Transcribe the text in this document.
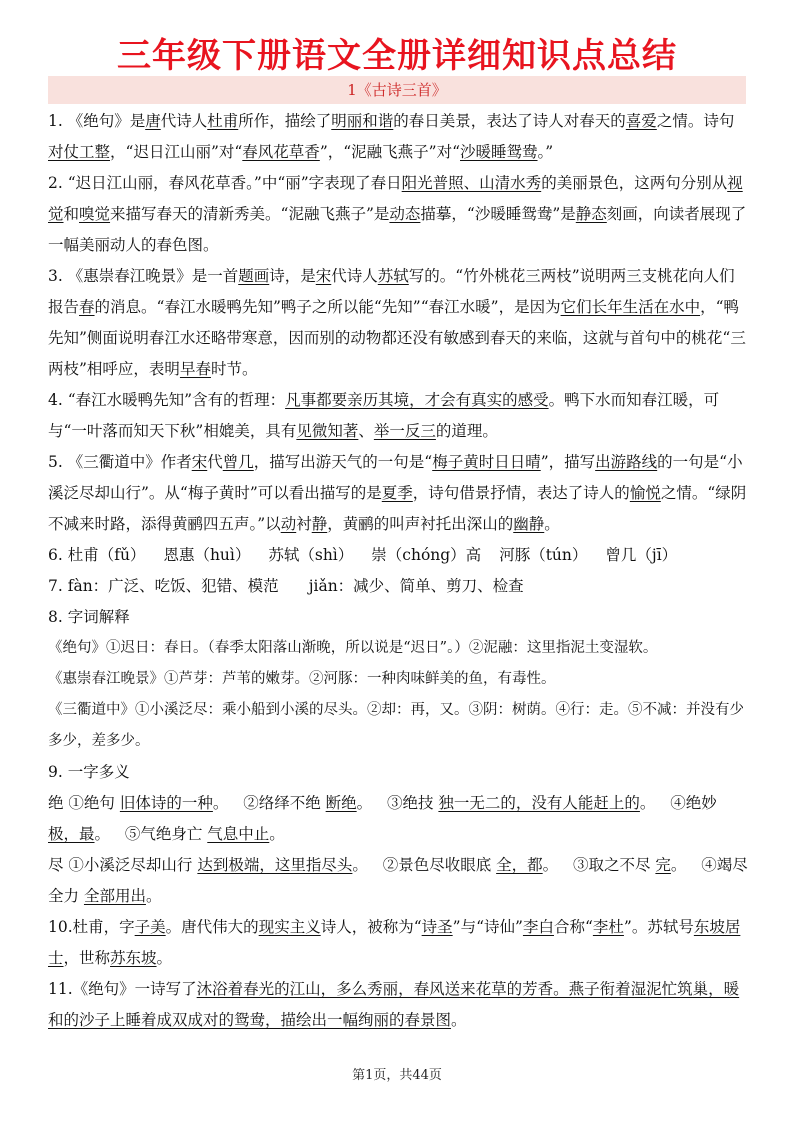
三年级下册语文全册详细知识点总结
1《古诗三首》

1. 《绝句》是唐代诗人杜甫所作，描绘了明丽和谐的春日美景，表达了诗人对春天的喜爱之情。诗句对仗工整，“迟日江山丽”对“春风花草香”，“泥融飞燕子”对“沙暖睡鸳鸯。”

2. “迟日江山丽，春风花草香。”中“丽”字表现了春日阳光普照、山清水秀的美丽景色，这两句分别从视觉和嗅觉来描写春天的清新秀美。“泥融飞燕子”是动态描摹，“沙暖睡鸳鸯”是静态刻画，向读者展现了一幅美丽动人的春色图。

3. 《惠崇春江晚景》是一首题画诗，是宋代诗人苏轼写的。“竹外桃花三两枝”说明两三支桃花向人们报告春的消息。“春江水暖鸭先知”鸭子之所以能“先知”“春江水暖”，是因为它们长年生活在水中，“鸭先知”侧面说明春江水还略带寒意，因而别的动物都还没有敏感到春天的来临，这就与首句中的桃花“三两枝”相呼应，表明早春时节。

4. “春江水暖鸭先知”含有的哲理：凡事都要亲历其境，才会有真实的感受。鸭下水而知春江暖，可与“一叶落而知天下秋”相媲美，具有见微知著、举一反三的道理。

5. 《三衢道中》作者宋代曾几，描写出游天气的一句是“梅子黄时日日晴”，描写出游路线的一句是“小溪泛尽却山行”。从“梅子黄时”可以看出描写的是夏季，诗句借景抒情，表达了诗人的愉悦之情。“绿阴不减来时路，添得黄鹂四五声。”以动衬静，黄鹂的叫声衬托出深山的幽静。

6. 杜甫（fǔ） 恩惠（huì） 苏轼（shì） 崇（chóng）高 河豚（tún） 曾几（jī）

7. fàn：广泛、吃饭、犯错、模范 jiǎn：减少、简单、剪刀、检查

8. 字词解释

《绝句》①迟日：春日。（春季太阳落山渐晚，所以说是“迟日”。）②泥融：这里指泥土变湿软。

《惠崇春江晚景》①芦芽：芦苇的嫩芽。②河豚：一种肉味鲜美的鱼，有毒性。

《三衢道中》①小溪泛尽：乘小船到小溪的尽头。②却：再，又。③阴：树荫。④行：走。⑤不减：并没有少多少，差多少。

9. 一字多义

绝 ①绝句 旧体诗的一种。 ②络绎不绝 断绝。 ③绝技 独一无二的，没有人能赶上的。 ④绝妙 极，最。 ⑤气绝身亡 气息中止。

尽 ①小溪泛尽却山行 达到极端，这里指尽头。 ②景色尽收眼底 全，都。 ③取之不尽 完。 ④竭尽全力 全部用出。

10.杜甫，字子美。唐代伟大的现实主义诗人，被称为“诗圣”与“诗仙”李白合称“李杜”。苏轼号东坡居士，世称苏东坡。

11.《绝句》一诗写了沐浴着春光的江山，多么秀丽，春风送来花草的芳香。燕子衔着湿泥忙筑巢，暖和的沙子上睡着成双成对的鸳鸯，描绘出一幅绚丽的春景图。

第1页，共44页
